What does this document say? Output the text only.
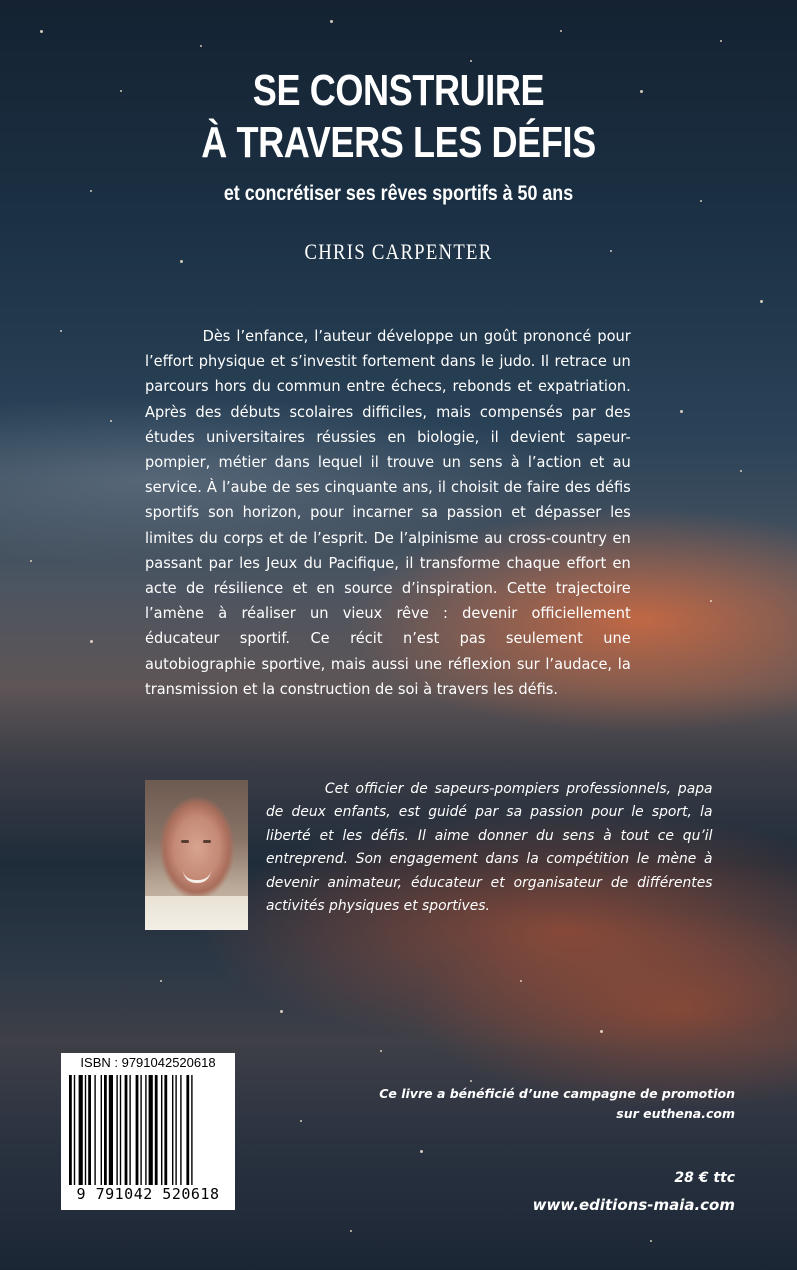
SE CONSTRUIRE
À TRAVERS LES DÉFIS
et concrétiser ses rêves sportifs à 50 ans
CHRIS CARPENTER

Dès l’enfance, l’auteur développe un goût prononcé pour l’effort physique et s’investit fortement dans le judo. Il retrace un parcours hors du commun entre échecs, rebonds et expatriation. Après des débuts scolaires difficiles, mais compensés par des études universitaires réussies en biologie, il devient sapeur-pompier, métier dans lequel il trouve un sens à l’action et au service. À l’aube de ses cinquante ans, il choisit de faire des défis sportifs son horizon, pour incarner sa passion et dépasser les limites du corps et de l’esprit. De l’alpinisme au cross-country en passant par les Jeux du Pacifique, il transforme chaque effort en acte de résilience et en source d’inspiration. Cette trajectoire l’amène à réaliser un vieux rêve : devenir officiellement éducateur sportif. Ce récit n’est pas seulement une autobiographie sportive, mais aussi une réflexion sur l’audace, la transmission et la construction de soi à travers les défis.

Cet officier de sapeurs-pompiers professionnels, papa de deux enfants, est guidé par sa passion pour le sport, la liberté et les défis. Il aime donner du sens à tout ce qu’il entreprend. Son engagement dans la compétition le mène à devenir animateur, éducateur et organisateur de différentes activités physiques et sportives.

ISBN : 9791042520618
9 791042 520618
Ce livre a bénéficié d’une campagne de promotion
sur euthena.com
28 € ttc
www.editions-maia.com
